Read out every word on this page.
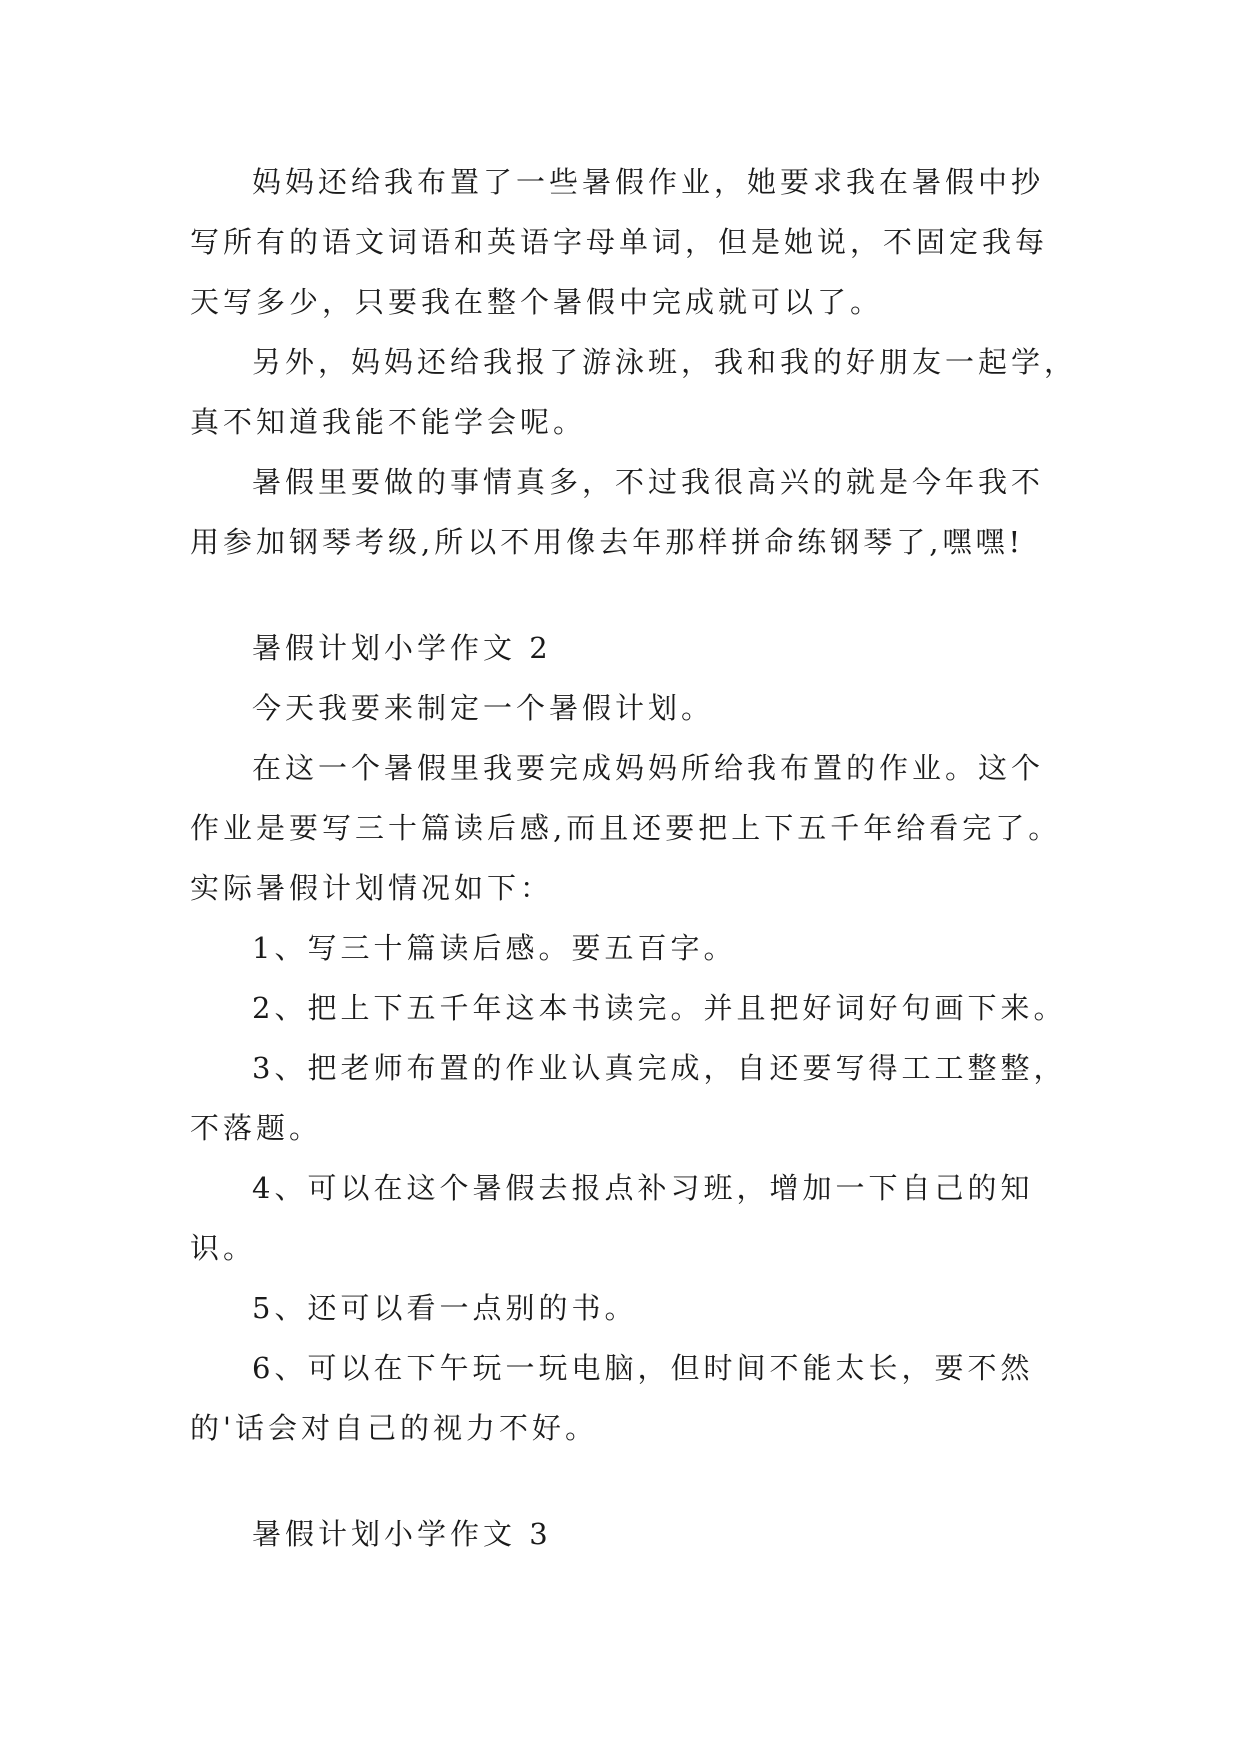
妈妈还给我布置了一些暑假作业，她要求我在暑假中抄
写所有的语文词语和英语字母单词，但是她说，不固定我每
天写多少，只要我在整个暑假中完成就可以了。
另外，妈妈还给我报了游泳班，我和我的好朋友一起学，
真不知道我能不能学会呢。
暑假里要做的事情真多，不过我很高兴的就是今年我不
用参加钢琴考级,所以不用像去年那样拼命练钢琴了,嘿嘿!
暑假计划小学作文 2
今天我要来制定一个暑假计划。
在这一个暑假里我要完成妈妈所给我布置的作业。这个
作业是要写三十篇读后感,而且还要把上下五千年给看完了。
实际暑假计划情况如下：
1、写三十篇读后感。要五百字。
2、把上下五千年这本书读完。并且把好词好句画下来。
3、把老师布置的作业认真完成，自还要写得工工整整，
不落题。
4、可以在这个暑假去报点补习班，增加一下自己的知
识。
5、还可以看一点别的书。
6、可以在下午玩一玩电脑，但时间不能太长，要不然
的'话会对自己的视力不好。
暑假计划小学作文 3
